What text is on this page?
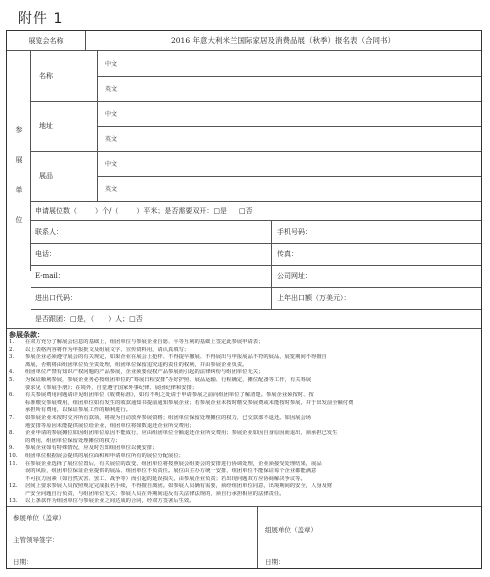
附件 1
展览会名称	2016 年意大利米兰国际家居及消费品展（秋季）报名表（合同书）
参
展
单
位
名称
中文
英文
地址
中文
英文
展品
中文
英文
申请展位数（	）个/（	）平米；是否需要双开： □ 是 □ 否
联系人：	手机号码：
电话：	传真：
E-mail：	公司网址：
进出口代码：	上年出口额（万美元）：
是否跟团： □ 是，（ ）人； □ 否
参展条款：
1.	在双方充分了解展会信息的基础上，组团单位与参展企业自愿、平等互利的基础上签定此参展申请表；
2.	以上表格内容将作为申报批文及组展文字、宣传资料用，请认真填写；
3.	参展企业必须遵守展会的有关规定，如果企业在展会上抢样、不得提早撤展、不得展出与申报展品不符的展品，展览期间不得擅自
离展，否则将由组团单位负全责处理，组团单位保留追究违约责任的权利，并由参展企业负责。
4.	组团单位严禁有知识产权问题的产品参展，企业须要侵权产品参展而引起的法律纠纷与组团单位无关；
5.	为保证顺利参展，参展企业务必按组团单位的“筹展日程安排”办好护照、展品运输、行程确定、摊位配备等工作，有关筹展
要求见《参展手册》；在境外，自觉遵守国家外事纪律、展团纪律和安排；
6.	有关参展费用问题请详见组团单位《收费标准》，如有不明之处请于申请参展之前向组团单位了解清楚。参展企业须按时、按
标准缴交参展费用，组团单位如有发生的收款通知书提前通知参展企业；若参展企业未按时缴交参展费或未能按时参展，并于出发前全额付费
承担所有费用，以保证参展工作的顺利进行。
7.	如参展企业未按时交齐所有款项，将视为自动放弃参展资格；组团单位保留处理摊位的权力，已交款部不退还。如因展会场
地安排等原因未能提供展位给企业，组团单位将如数退还企业所交费用；
8.	企业申请的参展摊位如因组团单位原因不能成行，应由组团单位全额退还企业所交费用；参展企业如因自身原因而退出，须承担已发生
的费用，组团单位保留处理摊位的权力；
9.	参展企业如有特殊情况，应及时告知组团单位以便安排；
10.	组团单位根据展会提供的展位面积和申请单位所有的展位分配展位；
11.	在参展企业选择了展位位置后，有关展位的改变、组团单位将按照展会组委会的安排进行协调处理，企业须接受处理结果，展品
误的风险，组团单位保证企业提供的展品、组团单位不负责任。展位由主办方统一安排，组团单位不能保证每个企业都能满意
不可抗力因素（如自然灾害、罢工、战争等）而引起的延误损失，由参展企业负责；若出现问题双方应协商解决争议等。
12.	居间上要求参展人员按照规定完成报名手续，不得擅自离团。如参展人员确有需要，须经组团单位同意，出境期间的安全，人身及财
产安全问题自行负责，与组团单位无关；参展人员在外期间违反有关法律法规的，须自行承担相应的法律责任。
13.	以上条款作为组团单位与参展企业之间达成的合同，经双方签署后生效。
参展单位（盖章）
主管领导签字：
日期：
组展单位（盖章）
日期：
